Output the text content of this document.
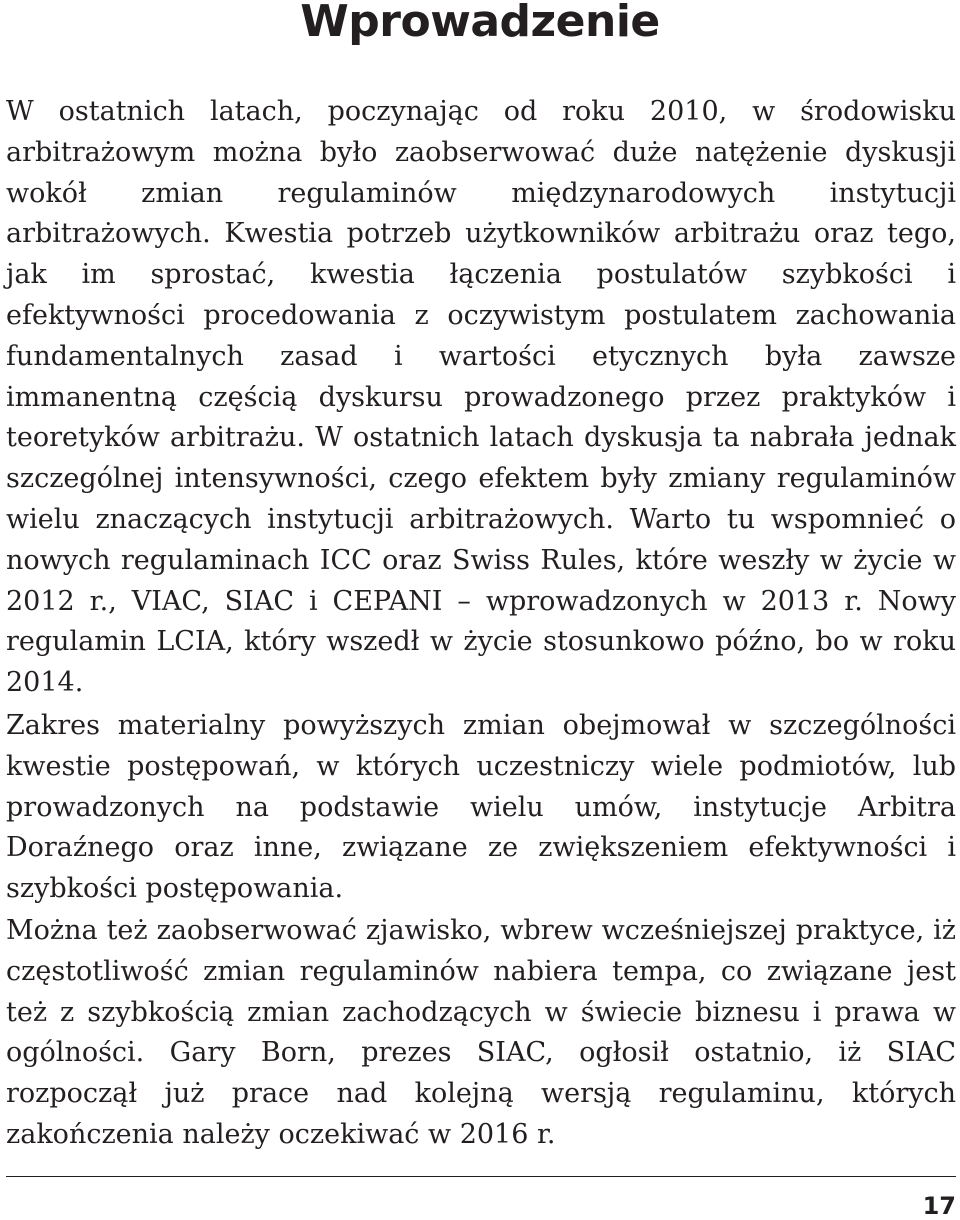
Wprowadzenie

W ostatnich latach, poczynając od roku 2010, w środowisku arbitrażowym można było zaobserwować duże natężenie dyskusji wokół zmian regulaminów międzynarodowych instytucji arbitrażowych. Kwestia potrzeb użytkowników arbitrażu oraz tego, jak im sprostać, kwestia łączenia postulatów szybkości i efektywności procedowania z oczywistym postulatem zachowania fundamentalnych zasad i wartości etycznych była zawsze immanentną częścią dyskursu prowadzonego przez praktyków i teoretyków arbitrażu. W ostatnich latach dyskusja ta nabrała jednak szczególnej intensywności, czego efektem były zmiany regulaminów wielu znaczących instytucji arbitrażowych. Warto tu wspomnieć o nowych regulaminach ICC oraz Swiss Rules, które weszły w życie w 2012 r., VIAC, SIAC i CEPANI – wprowadzonych w 2013 r. Nowy regulamin LCIA, który wszedł w życie stosunkowo późno, bo w roku 2014.

Zakres materialny powyższych zmian obejmował w szczególności kwestie postępowań, w których uczestniczy wiele podmiotów, lub prowadzonych na podstawie wielu umów, instytucje Arbitra Doraźnego oraz inne, związane ze zwiększeniem efektywności i szybkości postępowania.

Można też zaobserwować zjawisko, wbrew wcześniejszej praktyce, iż częstotliwość zmian regulaminów nabiera tempa, co związane jest też z szybkością zmian zachodzących w świecie biznesu i prawa w ogólności. Gary Born, prezes SIAC, ogłosił ostatnio, iż SIAC rozpoczął już prace nad kolejną wersją regulaminu, których zakończenia należy oczekiwać w 2016 r.

17
